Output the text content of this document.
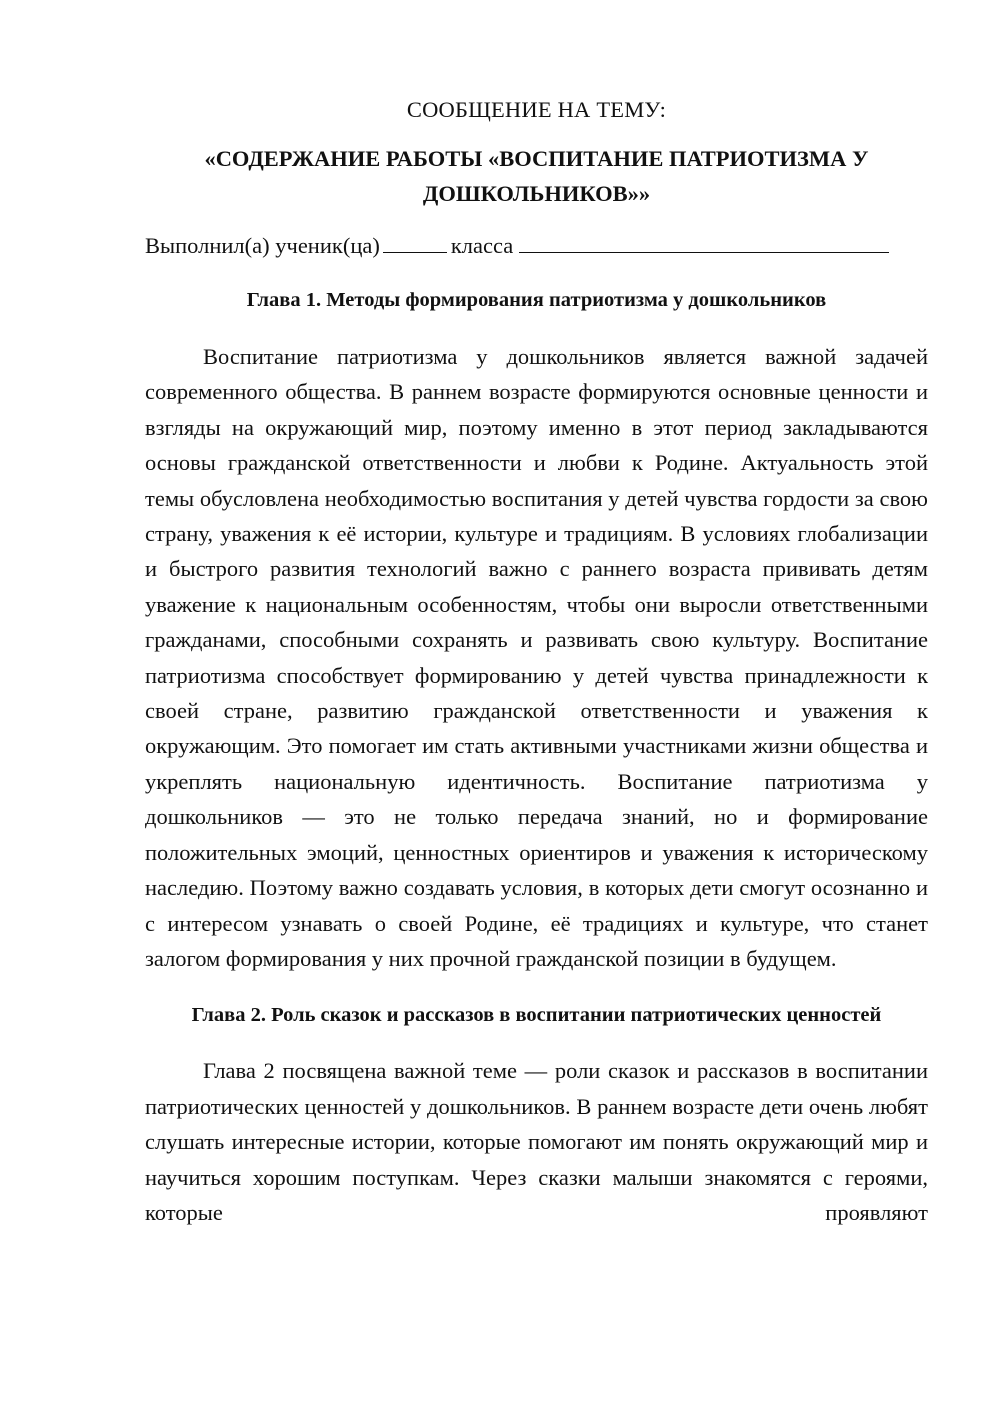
СООБЩЕНИЕ НА ТЕМУ:
«СОДЕРЖАНИЕ РАБОТЫ «ВОСПИТАНИЕ ПАТРИОТИЗМА У ДОШКОЛЬНИКОВ»»
Выполнил(а) ученик(ца)	класса
Глава 1. Методы формирования патриотизма у дошкольников

Воспитание патриотизма у дошкольников является важной задачей современного общества. В раннем возрасте формируются основные ценности и взгляды на окружающий мир, поэтому именно в этот период закладываются основы гражданской ответственности и любви к Родине. Актуальность этой темы обусловлена необходимостью воспитания у детей чувства гордости за свою страну, уважения к её истории, культуре и традициям. В условиях глобализации и быстрого развития технологий важно с раннего возраста прививать детям уважение к национальным особенностям, чтобы они выросли ответственными гражданами, способными сохранять и развивать свою культуру. Воспитание патриотизма способствует формированию у детей чувства принадлежности к своей стране, развитию гражданской ответственности и уважения к окружающим. Это помогает им стать активными участниками жизни общества и укреплять национальную идентичность. Воспитание патриотизма у дошкольников — это не только передача знаний, но и формирование положительных эмоций, ценностных ориентиров и уважения к историческому наследию. Поэтому важно создавать условия, в которых дети смогут осознанно и с интересом узнавать о своей Родине, её традициях и культуре, что станет залогом формирования у них прочной гражданской позиции в будущем.

Глава 2. Роль сказок и рассказов в воспитании патриотических ценностей

Глава 2 посвящена важной теме — роли сказок и рассказов в воспитании патриотических ценностей у дошкольников. В раннем возрасте дети очень любят слушать интересные истории, которые помогают им понять окружающий мир и научиться хорошим поступкам. Через сказки малыши знакомятся с героями, которые проявляют
